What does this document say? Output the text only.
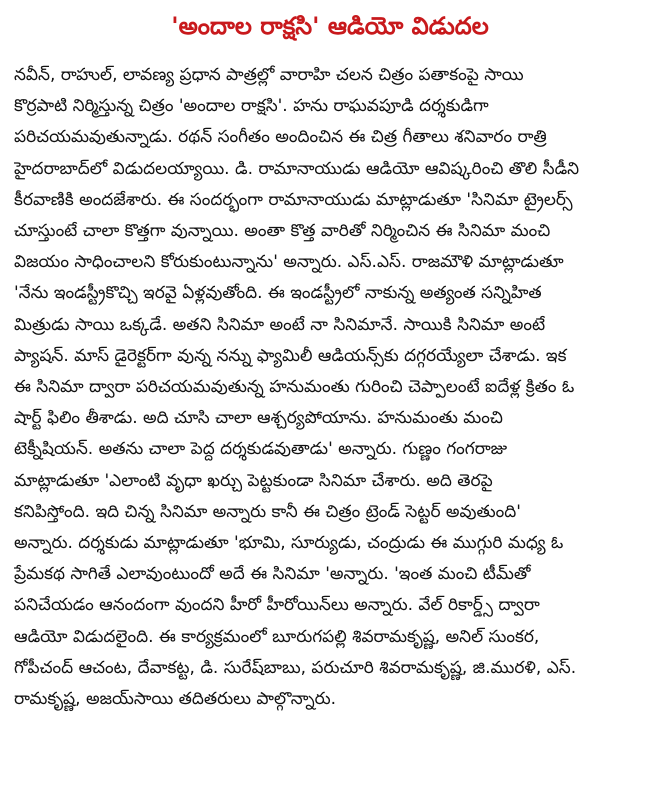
'అందాల రాక్షసి' ఆడియో విడుదల
నవీన్, రాహుల్, లావణ్య ప్రధాన పాత్రల్లో వారాహి చలన చిత్రం పతాకంపై సాయి
కొర్రపాటి నిర్మిస్తున్న చిత్రం 'అందాల రాక్షసి'. హను రాఘవపూడి దర్శకుడిగా
పరిచయమవుతున్నాడు. రథన్ సంగీతం అందించిన ఈ చిత్ర గీతాలు శనివారం రాత్రి
హైదరాబాద్‌లో విడుదలయ్యాయి. డి. రామానాయుడు ఆడియో ఆవిష్కరించి తొలి సీడీని
కీరవాణికి అందజేశారు. ఈ సందర్భంగా రామానాయుడు మాట్లాడుతూ 'సినిమా ట్రైలర్స్
చూస్తుంటే చాలా కొత్తగా వున్నాయి. అంతా కొత్త వారితో నిర్మించిన ఈ సినిమా మంచి
విజయం సాధించాలని కోరుకుంటున్నాను' అన్నారు. ఎస్.ఎస్. రాజమౌళి మాట్లాడుతూ
'నేను ఇండస్ట్రీకొచ్చి ఇరవై ఏళ్లవుతోంది. ఈ ఇండస్ట్రీలో నాకున్న అత్యంత సన్నిహిత
మిత్రుడు సాయి ఒక్కడే. అతని సినిమా అంటే నా సినిమానే. సాయికి సినిమా అంటే
ప్యాషన్. మాస్ డైరెక్టర్‌గా వున్న నన్ను ఫ్యామిలీ ఆడియన్స్‌కు దగ్గరయ్యేలా చేశాడు. ఇక
ఈ సినిమా ద్వారా పరిచయమవుతున్న హనుమంతు గురించి చెప్పాలంటే ఐదేళ్ల క్రితం ఓ
షార్ట్ ఫిలిం తీశాడు. అది చూసి చాలా ఆశ్చర్యపోయాను. హనుమంతు మంచి
టెక్నీషియన్. అతను చాలా పెద్ద దర్శకుడవుతాడు' అన్నారు. గుణ్ణం గంగరాజు
మాట్లాడుతూ 'ఎలాంటి వృధా ఖర్చు పెట్టకుండా సినిమా చేశారు. అది తెరపై
కనిపిస్తోంది. ఇది చిన్న సినిమా అన్నారు కానీ ఈ చిత్రం ట్రెండ్ సెట్టర్ అవుతుంది'
అన్నారు. దర్శకుడు మాట్లాడుతూ 'భూమి, సూర్యుడు, చంద్రుడు ఈ ముగ్గురి మధ్య ఓ
ప్రేమకథ సాగితే ఎలావుంటుందో అదే ఈ సినిమా 'అన్నారు. 'ఇంత మంచి టీమ్‌తో
పనిచేయడం ఆనందంగా వుందని హీరో హీరోయిన్‌లు అన్నారు. వేల్ రికార్డ్స్ ద్వారా
ఆడియో విడుదలైంది. ఈ కార్యక్రమంలో బూరుగపల్లి శివరామకృష్ణ, అనిల్ సుంకర,
గోపీచంద్ ఆచంట, దేవాకట్ట, డి. సురేష్‌బాబు, పరుచూరి శివరామకృష్ణ, జి.మురళి, ఎస్.
రామకృష్ణ, అజయ్‌సాయి తదితరులు పాల్గొన్నారు.
